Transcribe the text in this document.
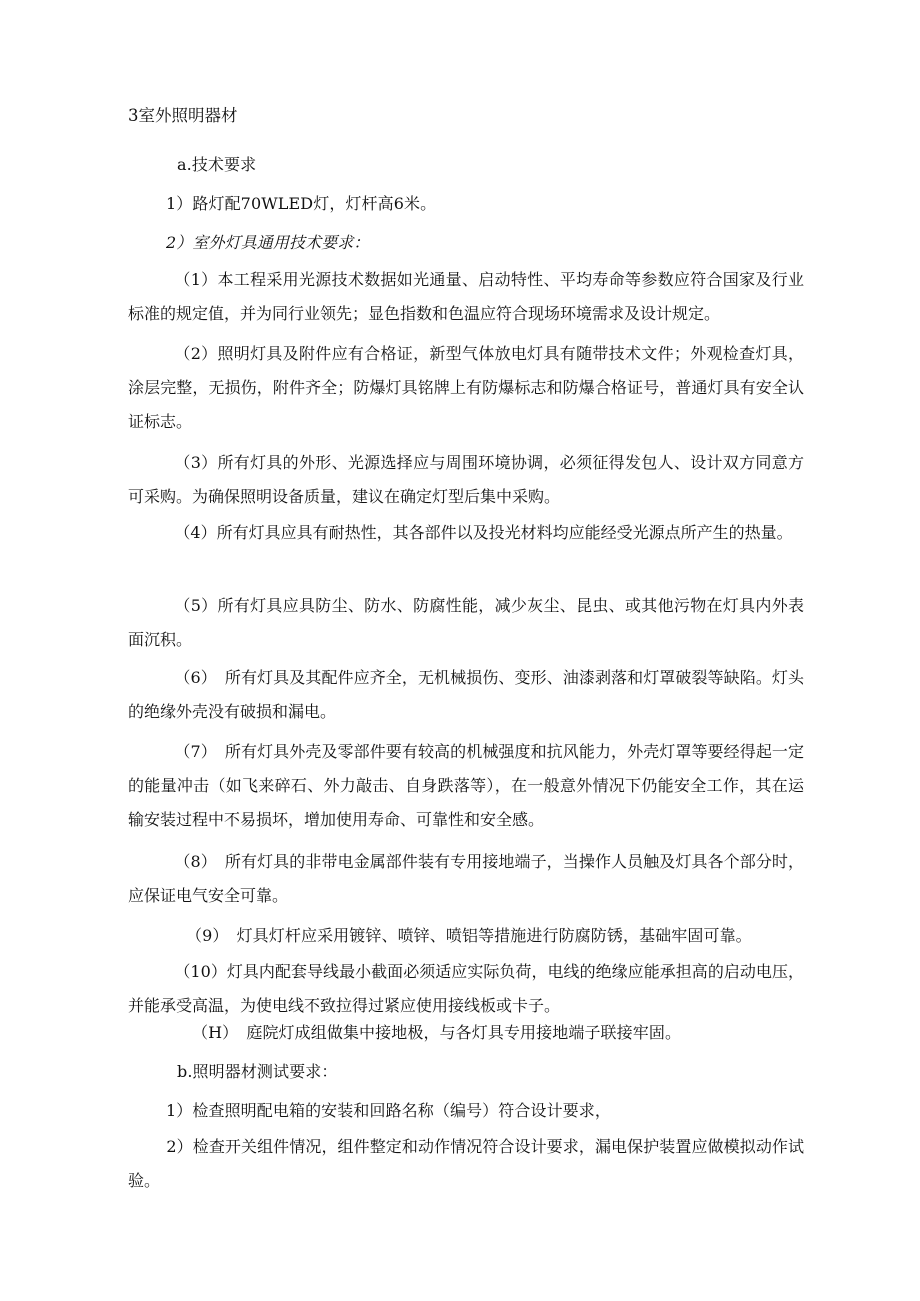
3室外照明器材
a.技术要求
1）路灯配70WLED灯，灯杆高6米。
2）室外灯具通用技术要求：
（1）本工程采用光源技术数据如光通量、启动特性、平均寿命等参数应符合国家及行业标准的规定值，并为同行业领先；显色指数和色温应符合现场环境需求及设计规定。
（2）照明灯具及附件应有合格证，新型气体放电灯具有随带技术文件；外观检查灯具，涂层完整，无损伤，附件齐全；防爆灯具铭牌上有防爆标志和防爆合格证号，普通灯具有安全认证标志。
（3）所有灯具的外形、光源选择应与周围环境协调，必须征得发包人、设计双方同意方可采购。为确保照明设备质量，建议在确定灯型后集中采购。
（4）所有灯具应具有耐热性，其各部件以及投光材料均应能经受光源点所产生的热量。
（5）所有灯具应具防尘、防水、防腐性能，减少灰尘、昆虫、或其他污物在灯具内外表面沉积。
（6）　所有灯具及其配件应齐全，无机械损伤、变形、油漆剥落和灯罩破裂等缺陷。灯头的绝缘外壳没有破损和漏电。
（7）　所有灯具外壳及零部件要有较高的机械强度和抗风能力，外壳灯罩等要经得起一定的能量冲击（如飞来碎石、外力敲击、自身跌落等），在一般意外情况下仍能安全工作，其在运输安装过程中不易损坏，增加使用寿命、可靠性和安全感。
（8）　所有灯具的非带电金属部件装有专用接地端子，当操作人员触及灯具各个部分时，应保证电气安全可靠。
（9）　灯具灯杆应采用镀锌、喷锌、喷铝等措施进行防腐防锈，基础牢固可靠。
（10）灯具内配套导线最小截面必须适应实际负荷，电线的绝缘应能承担高的启动电压，并能承受高温，为使电线不致拉得过紧应使用接线板或卡子。
（H）　庭院灯成组做集中接地极，与各灯具专用接地端子联接牢固。
b.照明器材测试要求：
1）检查照明配电箱的安装和回路名称（编号）符合设计要求，
2）检查开关组件情况，组件整定和动作情况符合设计要求，漏电保护装置应做模拟动作试验。
